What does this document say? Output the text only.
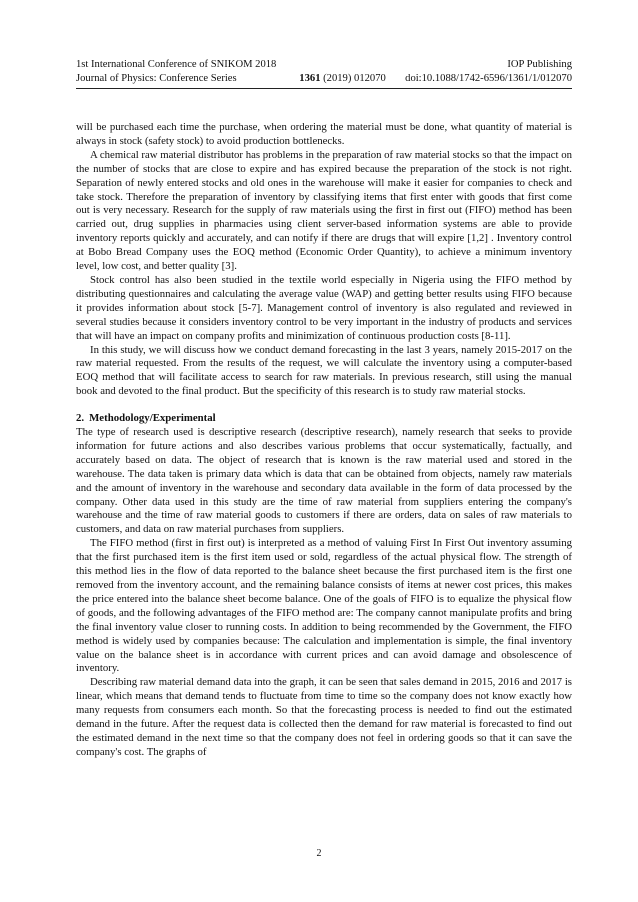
1st International Conference of SNIKOM 2018	IOP Publishing
Journal of Physics: Conference Series	1361 (2019) 012070 doi:10.1088/1742-6596/1361/1/012070

will be purchased each time the purchase, when ordering the material must be done, what quantity of material is always in stock (safety stock) to avoid production bottlenecks.

A chemical raw material distributor has problems in the preparation of raw material stocks so that the impact on the number of stocks that are close to expire and has expired because the preparation of the stock is not right. Separation of newly entered stocks and old ones in the warehouse will make it easier for companies to check and take stock. Therefore the preparation of inventory by classifying items that first enter with goods that first come out is very necessary. Research for the supply of raw materials using the first in first out (FIFO) method has been carried out, drug supplies in pharmacies using client server-based information systems are able to provide inventory reports quickly and accurately, and can notify if there are drugs that will expire [1,2] . Inventory control at Bobo Bread Company uses the EOQ method (Economic Order Quantity), to achieve a minimum inventory level, low cost, and better quality [3].

Stock control has also been studied in the textile world especially in Nigeria using the FIFO method by distributing questionnaires and calculating the average value (WAP) and getting better results using FIFO because it provides information about stock [5-7]. Management control of inventory is also regulated and reviewed in several studies because it considers inventory control to be very important in the industry of products and services that will have an impact on company profits and minimization of continuous production costs [8-11].

In this study, we will discuss how we conduct demand forecasting in the last 3 years, namely 2015-2017 on the raw material requested. From the results of the request, we will calculate the inventory using a computer-based EOQ method that will facilitate access to search for raw materials. In previous research, still using the manual book and devoted to the final product. But the specificity of this research is to study raw material stocks.

2. Methodology/Experimental

The type of research used is descriptive research (descriptive research), namely research that seeks to provide information for future actions and also describes various problems that occur systematically, factually, and accurately based on data. The object of research that is known is the raw material used and stored in the warehouse. The data taken is primary data which is data that can be obtained from objects, namely raw materials and the amount of inventory in the warehouse and secondary data available in the form of data processed by the company. Other data used in this study are the time of raw material from suppliers entering the company's warehouse and the time of raw material goods to customers if there are orders, data on sales of raw materials to customers, and data on raw material purchases from suppliers.

The FIFO method (first in first out) is interpreted as a method of valuing First In First Out inventory assuming that the first purchased item is the first item used or sold, regardless of the actual physical flow. The strength of this method lies in the flow of data reported to the balance sheet because the first purchased item is the first one removed from the inventory account, and the remaining balance consists of items at newer cost prices, this makes the price entered into the balance sheet become balance. One of the goals of FIFO is to equalize the physical flow of goods, and the following advantages of the FIFO method are: The company cannot manipulate profits and bring the final inventory value closer to running costs. In addition to being recommended by the Government, the FIFO method is widely used by companies because: The calculation and implementation is simple, the final inventory value on the balance sheet is in accordance with current prices and can avoid damage and obsolescence of inventory.

Describing raw material demand data into the graph, it can be seen that sales demand in 2015, 2016 and 2017 is linear, which means that demand tends to fluctuate from time to time so the company does not know exactly how many requests from consumers each month. So that the forecasting process is needed to find out the estimated demand in the future. After the request data is collected then the demand for raw material is forecasted to find out the estimated demand in the next time so that the company does not feel in ordering goods so that it can save the company's cost. The graphs of

2
